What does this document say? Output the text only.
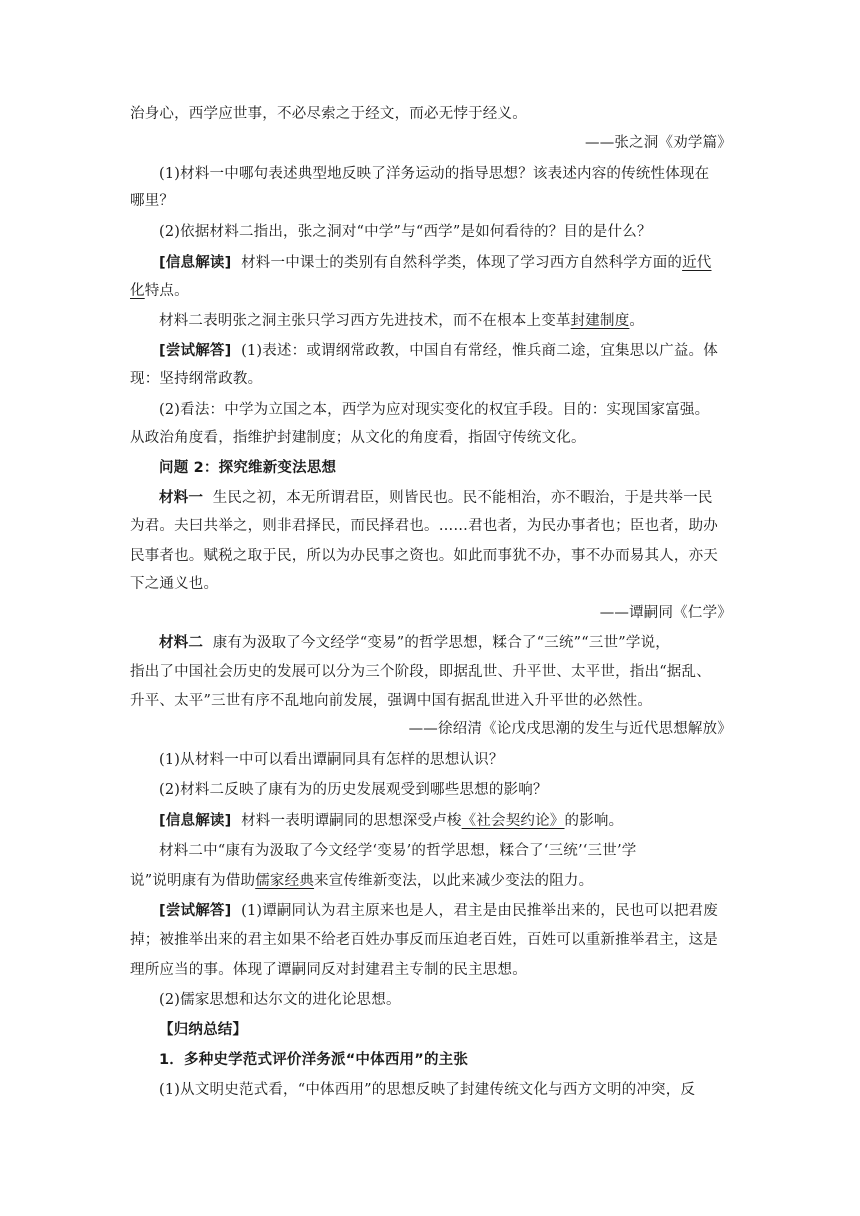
治身心，西学应世事，不必尽索之于经文，而必无悖于经义。
——张之洞《劝学篇》
(1)材料一中哪句表述典型地反映了洋务运动的指导思想？该表述内容的传统性体现在
哪里？
(2)依据材料二指出，张之洞对“中学”与“西学”是如何看待的？目的是什么？
[信息解读] 材料一中课士的类别有自然科学类，体现了学习西方自然科学方面的近代
化特点。
材料二表明张之洞主张只学习西方先进技术，而不在根本上变革封建制度。
[尝试解答] (1)表述：或谓纲常政教，中国自有常经，惟兵商二途，宜集思以广益。体
现：坚持纲常政教。
(2)看法：中学为立国之本，西学为应对现实变化的权宜手段。目的：实现国家富强。
从政治角度看，指维护封建制度；从文化的角度看，指固守传统文化。
问题 2：探究维新变法思想
材料一 生民之初，本无所谓君臣，则皆民也。民不能相治，亦不暇治，于是共举一民
为君。夫曰共举之，则非君择民，而民择君也。……君也者，为民办事者也；臣也者，助办
民事者也。赋税之取于民，所以为办民事之资也。如此而事犹不办，事不办而易其人，亦天
下之通义也。
——谭嗣同《仁学》
材料二 康有为汲取了今文经学“变易”的哲学思想，糅合了“三统”“三世”学说，
指出了中国社会历史的发展可以分为三个阶段，即据乱世、升平世、太平世，指出“据乱、
升平、太平”三世有序不乱地向前发展，强调中国有据乱世进入升平世的必然性。
——徐绍清《论戊戌思潮的发生与近代思想解放》
(1)从材料一中可以看出谭嗣同具有怎样的思想认识？
(2)材料二反映了康有为的历史发展观受到哪些思想的影响？
[信息解读] 材料一表明谭嗣同的思想深受卢梭《社会契约论》的影响。
材料二中“康有为汲取了今文经学‘变易’的哲学思想，糅合了‘三统’‘三世’学
说”说明康有为借助儒家经典来宣传维新变法，以此来减少变法的阻力。
[尝试解答] (1)谭嗣同认为君主原来也是人，君主是由民推举出来的，民也可以把君废
掉；被推举出来的君主如果不给老百姓办事反而压迫老百姓，百姓可以重新推举君主，这是
理所应当的事。体现了谭嗣同反对封建君主专制的民主思想。
(2)儒家思想和达尔文的进化论思想。
【归纳总结】
1．多种史学范式评价洋务派“中体西用”的主张
(1)从文明史范式看，“中体西用”的思想反映了封建传统文化与西方文明的冲突，反
